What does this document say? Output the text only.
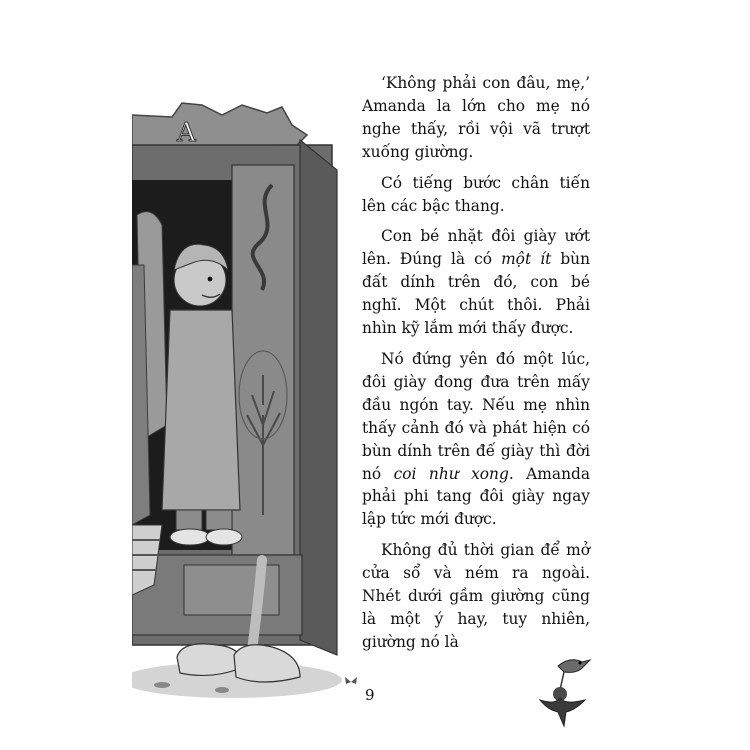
A

‘Không phải con đâu, mẹ,’ Amanda la lớn cho mẹ nó nghe thấy, rồi vội vã trượt xuống giường.

Có tiếng bước chân tiến lên các bậc thang.

Con bé nhặt đôi giày ướt lên. Đúng là có một ít bùn đất dính trên đó, con bé nghĩ. Một chút thôi. Phải nhìn kỹ lắm mới thấy được.

Nó đứng yên đó một lúc, đôi giày đong đưa trên mấy đầu ngón tay. Nếu mẹ nhìn thấy cảnh đó và phát hiện có bùn dính trên đế giày thì đời nó coi như xong. Amanda phải phi tang đôi giày ngay lập tức mới được.

Không đủ thời gian để mở cửa sổ và ném ra ngoài. Nhét dưới gầm giường cũng là một ý hay, tuy nhiên, giường nó là

9
